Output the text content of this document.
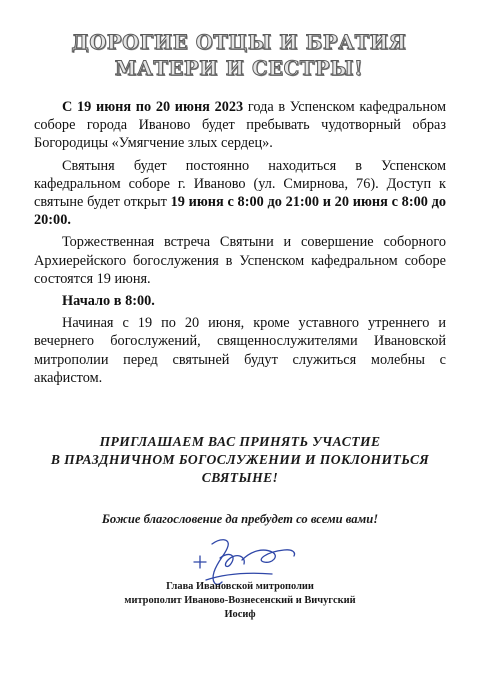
ДОРОГИЕ ОТЦЫ И БРАТИЯ
МАТЕРИ И СЕСТРЫ!

С 19 июня по 20 июня 2023 года в Успенском кафедральном соборе города Иваново будет пребывать чудотворный образ Богородицы «Умягчение злых сердец».

Святыня будет постоянно находиться в Успенском кафедральном соборе г. Иваново (ул. Смирнова, 76). Доступ к святыне будет открыт 19 июня с 8:00 до 21:00 и 20 июня с 8:00 до 20:00.

Торжественная встреча Святыни и совершение соборного Архиерейского богослужения в Успенском кафедральном соборе состоятся 19 июня.

Начало в 8:00.

Начиная с 19 по 20 июня, кроме уставного утреннего и вечернего богослужений, священнослужителями Ивановской митрополии перед святыней будут служиться молебны с акафистом.

ПРИГЛАШАЕМ ВАС ПРИНЯТЬ УЧАСТИЕ
В ПРАЗДНИЧНОМ БОГОСЛУЖЕНИИ И ПОКЛОНИТЬСЯ
СВЯТЫНЕ!
Божие благословение да пребудет со всеми вами!
Глава Ивановской митрополии
митрополит Иваново-Вознесенский и Вичугский
Иосиф
